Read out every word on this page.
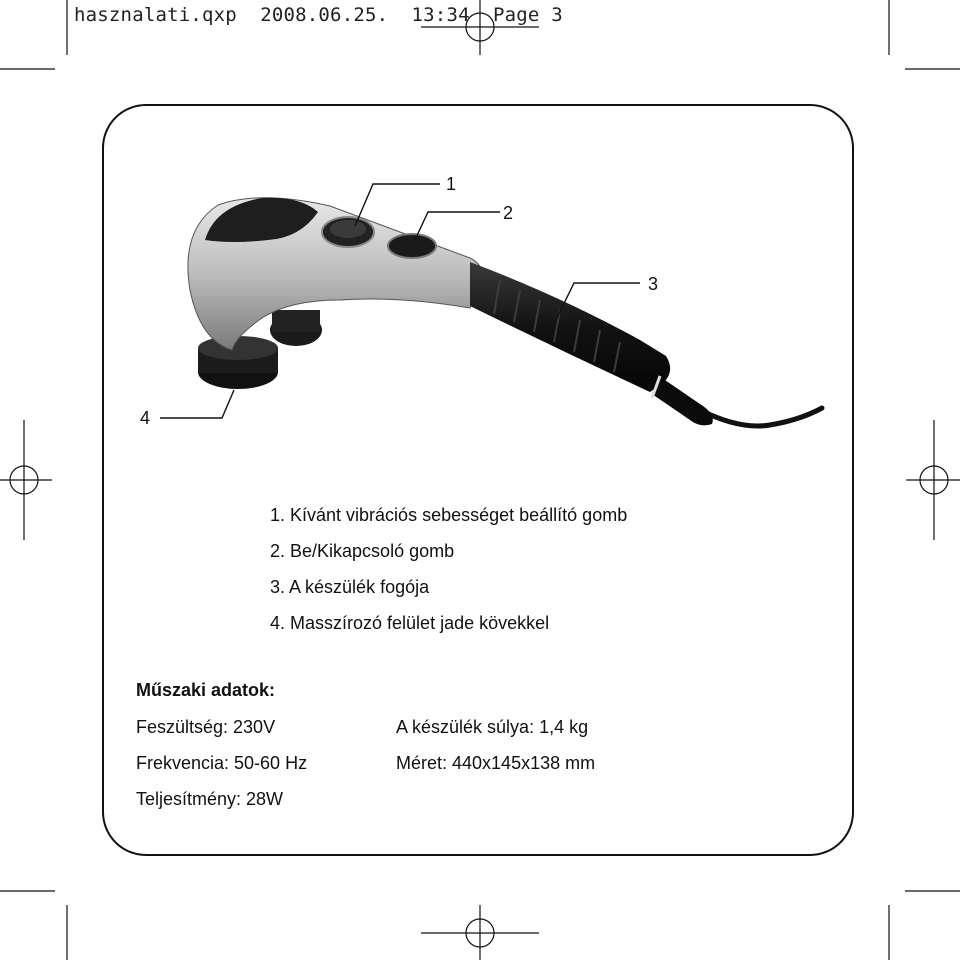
hasznalati.qxp  2008.06.25.  13:34  Page 3
1
2
3
4
1. Kívánt vibrációs sebességet beállító gomb
2. Be/Kikapcsoló gomb
3. A készülék fogója
4. Masszírozó felület jade kövekkel
Műszaki adatok:
Feszültség: 230V
Frekvencia: 50-60 Hz
Teljesítmény: 28W
A készülék súlya: 1,4 kg
Méret: 440x145x138 mm
